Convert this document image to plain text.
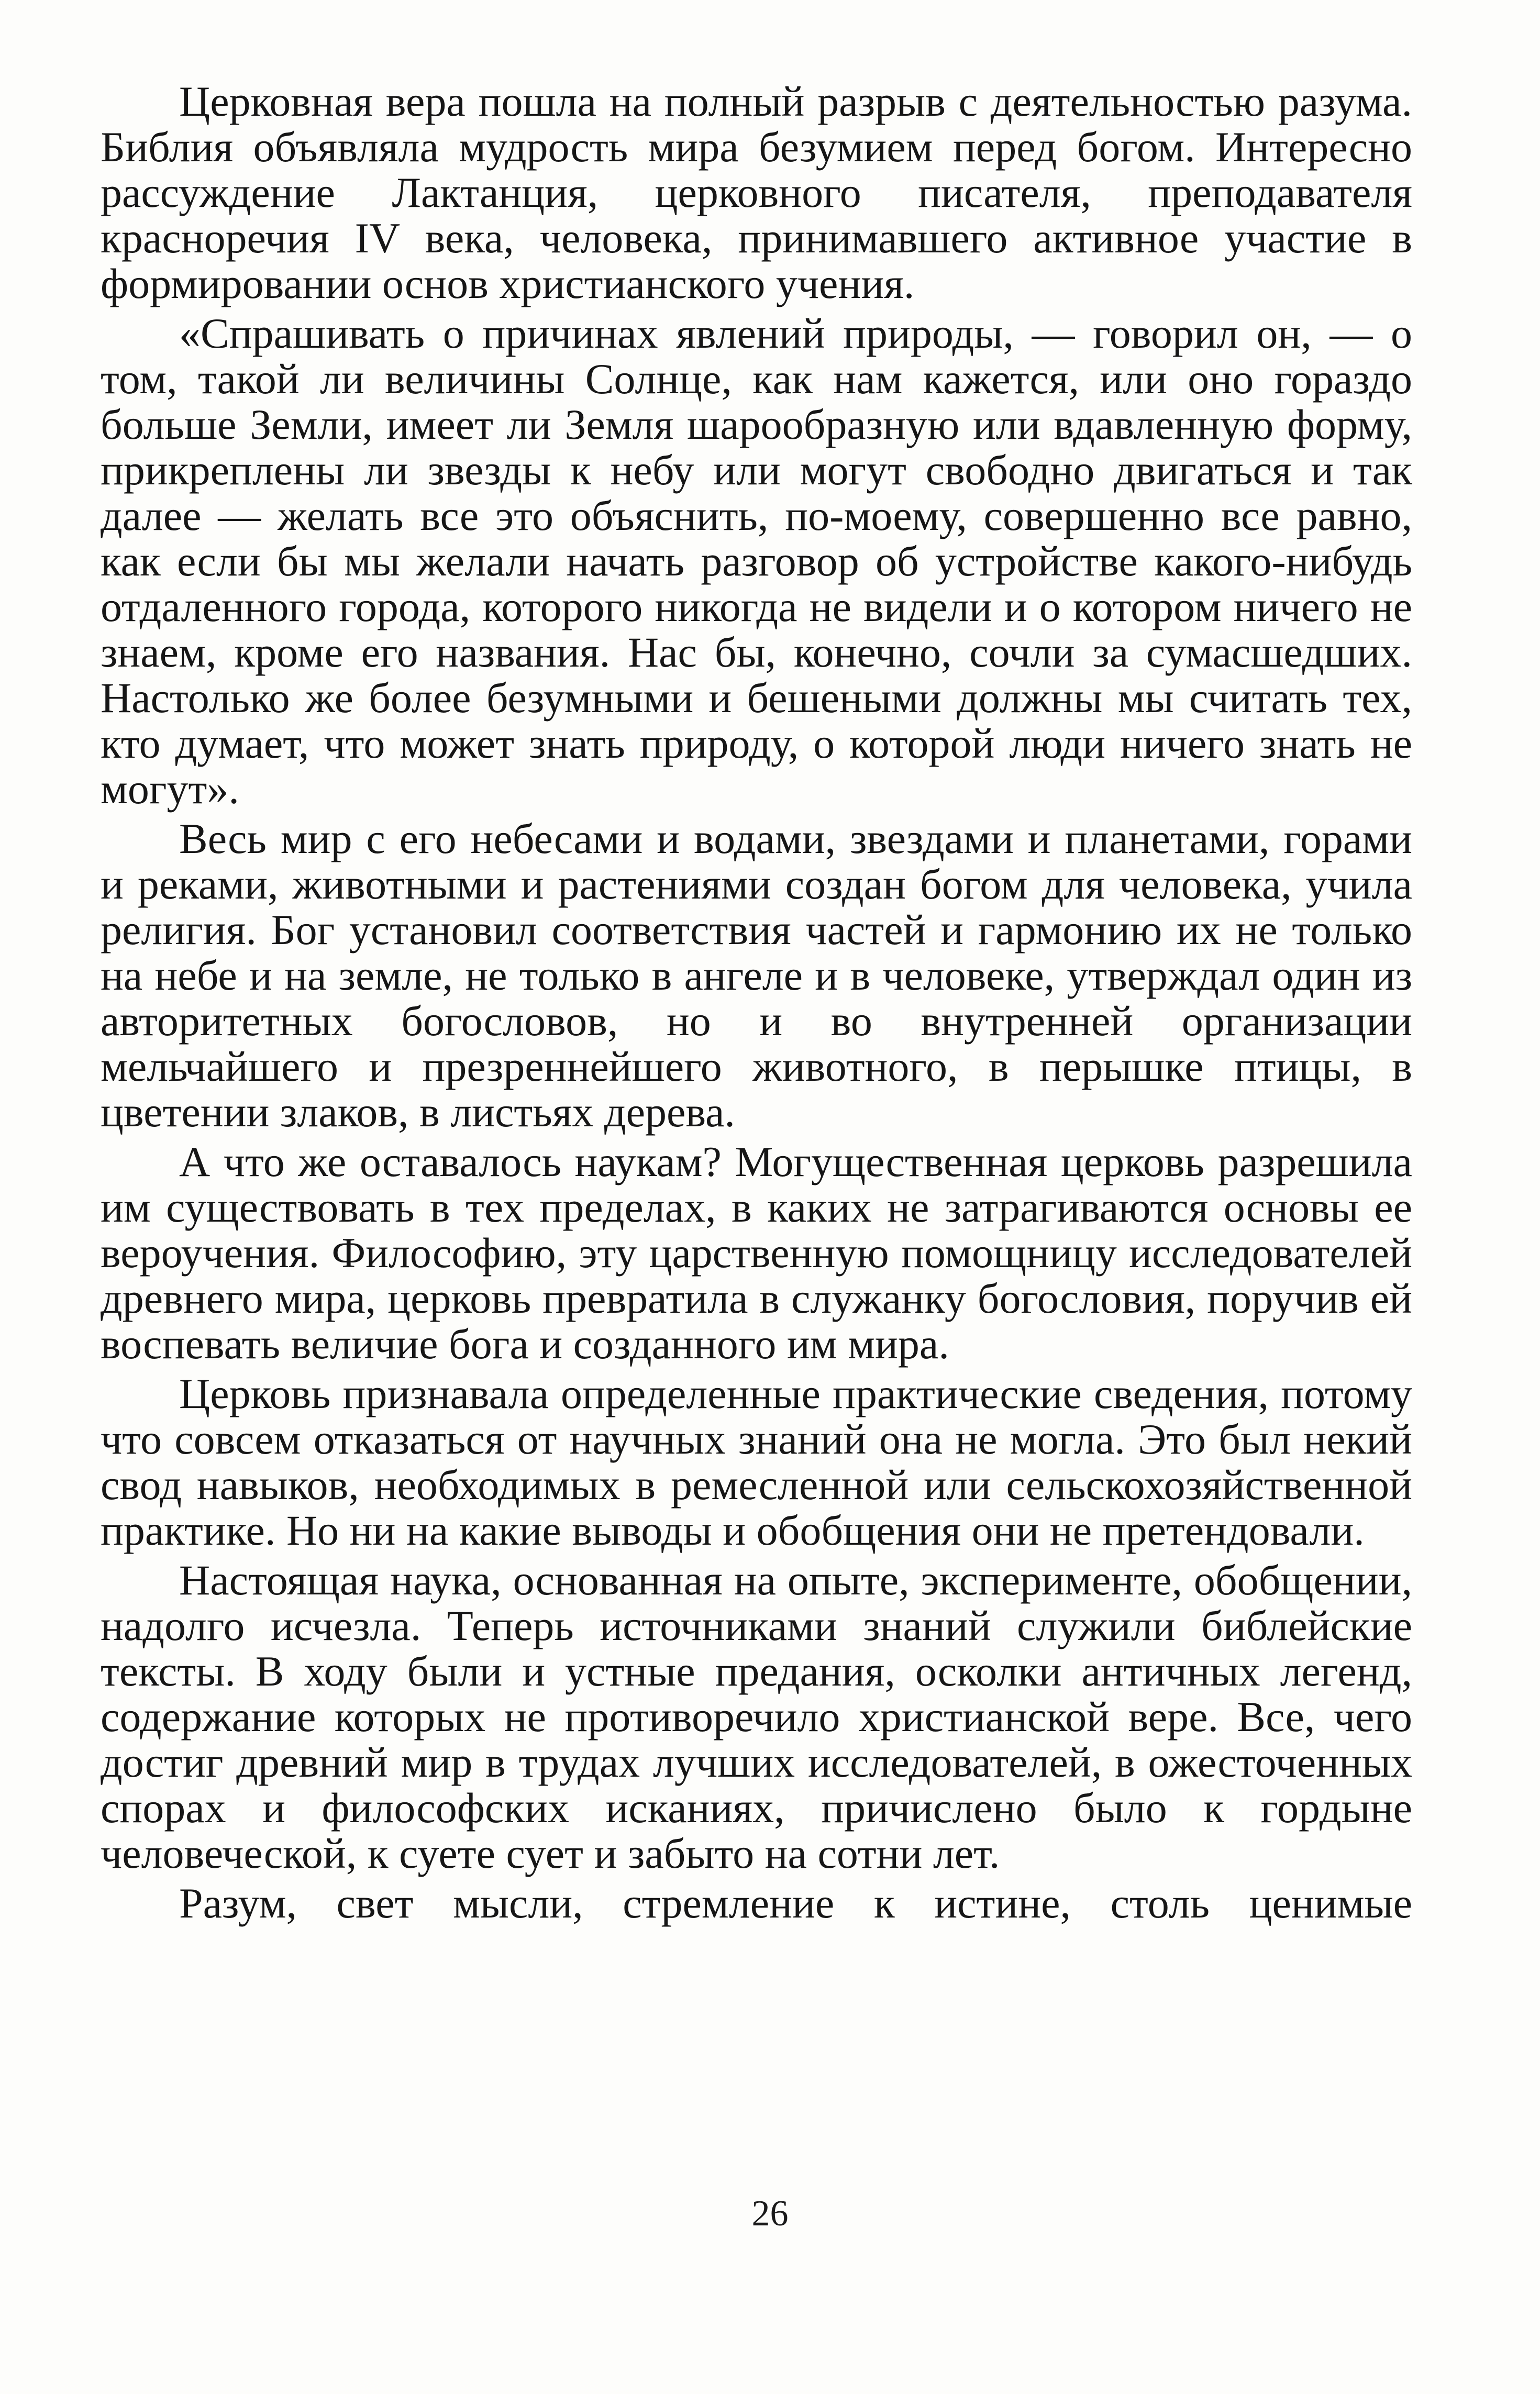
Церковная вера пошла на полный разрыв с деятельностью разума. Библия объявляла мудрость мира безумием перед богом. Интересно рассуждение Лактанция, церковного писателя, преподавателя красноречия IV века, человека, принимавшего активное участие в формировании основ христианского учения.

«Спрашивать о причинах явлений природы, — говорил он, — о том, такой ли величины Солнце, как нам кажется, или оно гораздо больше Земли, имеет ли Земля шарообразную или вдавленную форму, прикреплены ли звезды к небу или могут свободно двигаться и так далее — желать все это объяснить, по-моему, совершенно все равно, как если бы мы желали начать разговор об устройстве какого-нибудь отдаленного города, которого никогда не видели и о котором ничего не знаем, кроме его названия. Нас бы, конечно, сочли за сумасшедших. Настолько же более безумными и бешеными должны мы считать тех, кто думает, что может знать природу, о которой люди ничего знать не могут».

Весь мир с его небесами и водами, звездами и планетами, горами и реками, животными и растениями создан богом для человека, учила религия. Бог установил соответствия частей и гармонию их не только на небе и на земле, не только в ангеле и в человеке, утверждал один из авторитетных богословов, но и во внутренней организации мельчайшего и презреннейшего животного, в перышке птицы, в цветении злаков, в листьях дерева.

А что же оставалось наукам? Могущественная церковь разрешила им существовать в тех пределах, в каких не затрагиваются основы ее вероучения. Философию, эту царственную помощницу исследователей древнего мира, церковь превратила в служанку богословия, поручив ей воспевать величие бога и созданного им мира.

Церковь признавала определенные практические сведения, потому что совсем отказаться от научных знаний она не могла. Это был некий свод навыков, необходимых в ремесленной или сельскохозяйственной практике. Но ни на какие выводы и обобщения они не претендовали.

Настоящая наука, основанная на опыте, эксперименте, обобщении, надолго исчезла. Теперь источниками знаний служили библейские тексты. В ходу были и устные предания, осколки античных легенд, содержание которых не противоречило христианской вере. Все, чего достиг древний мир в трудах лучших исследователей, в ожесточенных спорах и философских исканиях, причислено было к гордыне человеческой, к суете сует и забыто на сотни лет.

Разум, свет мысли, стремление к истине, столь ценимые

26
